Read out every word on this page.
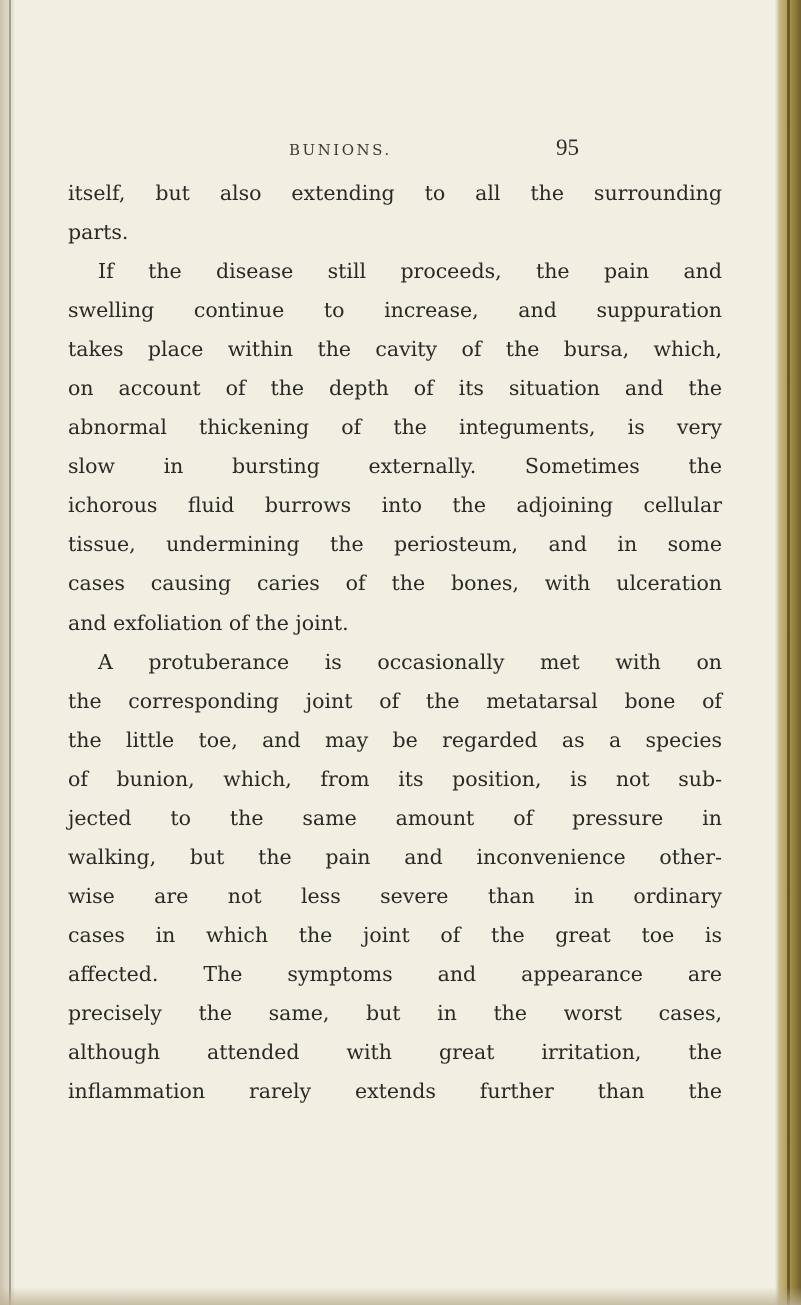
BUNIONS.	95
itself, but also extending to all the surrounding
parts.
If the disease still proceeds, the pain and
swelling continue to increase, and suppuration
takes place within the cavity of the bursa, which,
on account of the depth of its situation and the
abnormal thickening of the integuments, is very
slow in bursting externally. Sometimes the
ichorous fluid burrows into the adjoining cellular
tissue, undermining the periosteum, and in some
cases causing caries of the bones, with ulceration
and exfoliation of the joint.
A protuberance is occasionally met with on
the corresponding joint of the metatarsal bone of
the little toe, and may be regarded as a species
of bunion, which, from its position, is not sub-
jected to the same amount of pressure in
walking, but the pain and inconvenience other-
wise are not less severe than in ordinary
cases in which the joint of the great toe is
affected. The symptoms and appearance are
precisely the same, but in the worst cases,
although attended with great irritation, the
inflammation rarely extends further than the
